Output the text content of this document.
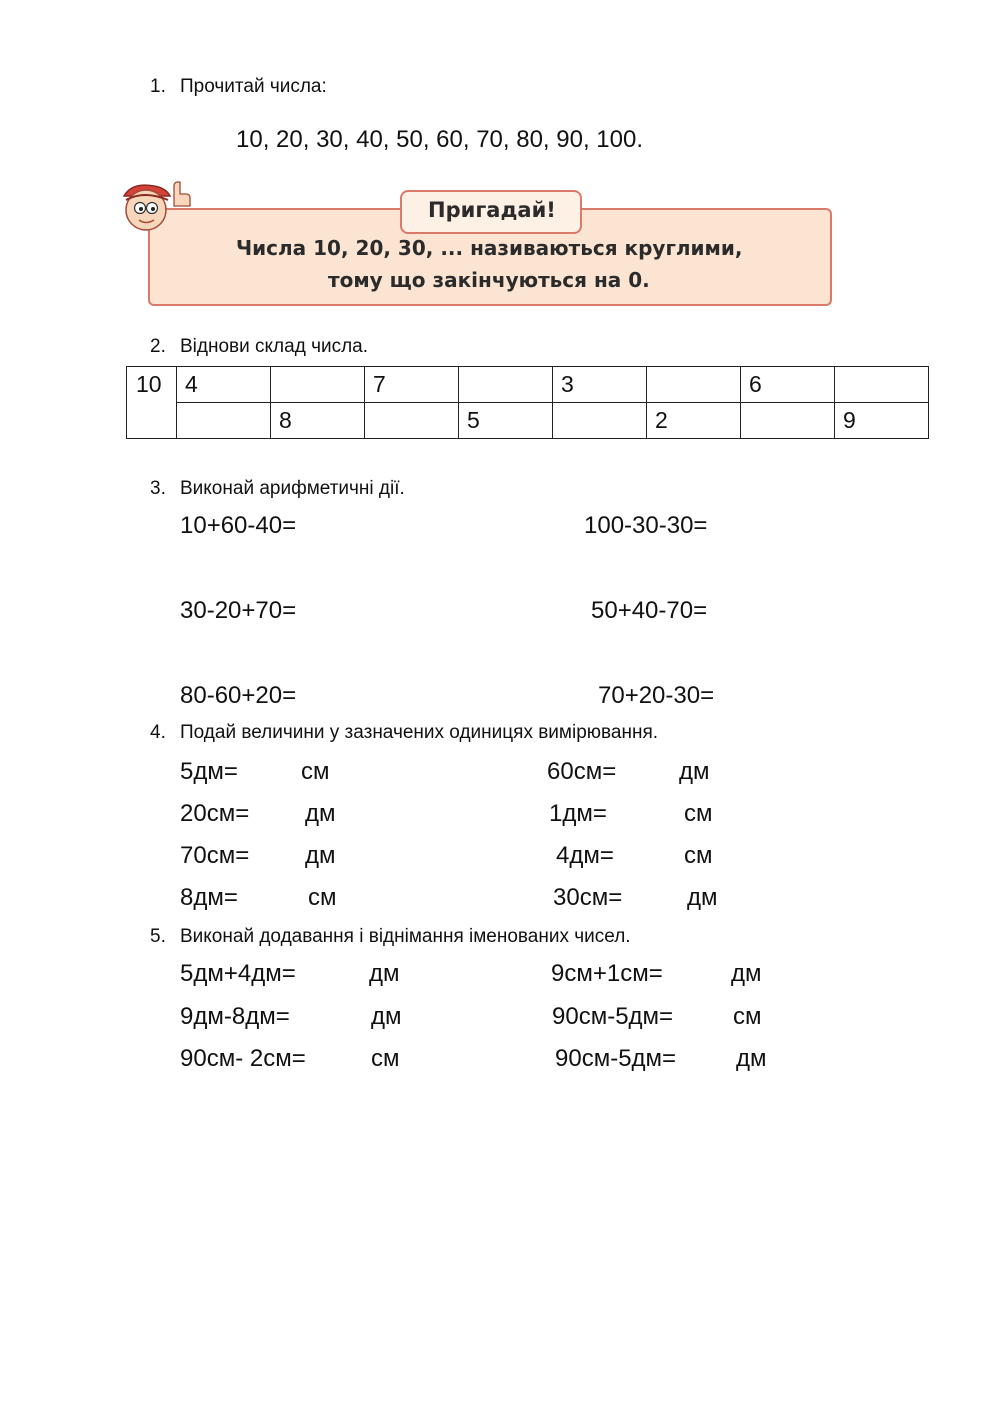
1. Прочитай числа:
10, 20, 30, 40, 50, 60, 70, 80, 90, 100.
Пригадай!
Числа 10, 20, 30, ... називаються круглими,
тому що закінчуються на 0.
2. Віднови склад числа.
10	4		7		3		6	
		8		5		2		9
3. Виконай арифметичні дії.
10+60-40=	100-30-30=
30-20+70=	50+40-70=
80-60+20=	70+20-30=
4. Подай величини у зазначених одиницях вимірювання.
5дм=	см	60см=	дм
20см= дм	1дм=	см
70см= дм	4дм=	см
8дм=	см	30см=	дм
5. Виконай додавання і віднімання іменованих чисел.
5дм+4дм=	дм	9см+1см=	дм
9дм-8дм=	дм	90см-5дм= см
90см- 2см=	см	90см-5дм= дм
